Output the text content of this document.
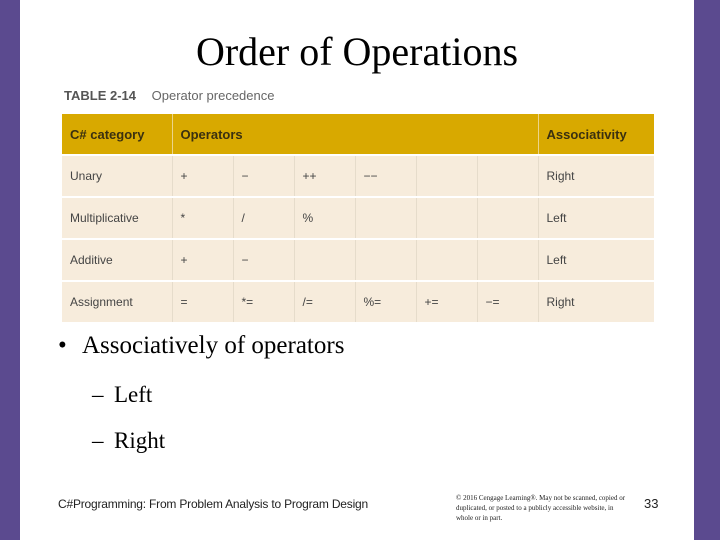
Order of Operations
TABLE 2-14 Operator precedence
C# category	Operators						Associativity
Unary	+	−	++	−−			Right
Multiplicative	*	/	%				Left
Additive	+	−					Left
Assignment	=	*=	/=	%=	+=	−=	Right
• Associatively of operators
– Left
– Right
C#Programming: From Problem Analysis to Program Design	© 2016 Cengage Learning®. May not be scanned, copied or duplicated, or posted to a publicly accessible website, in whole or in part.
33
